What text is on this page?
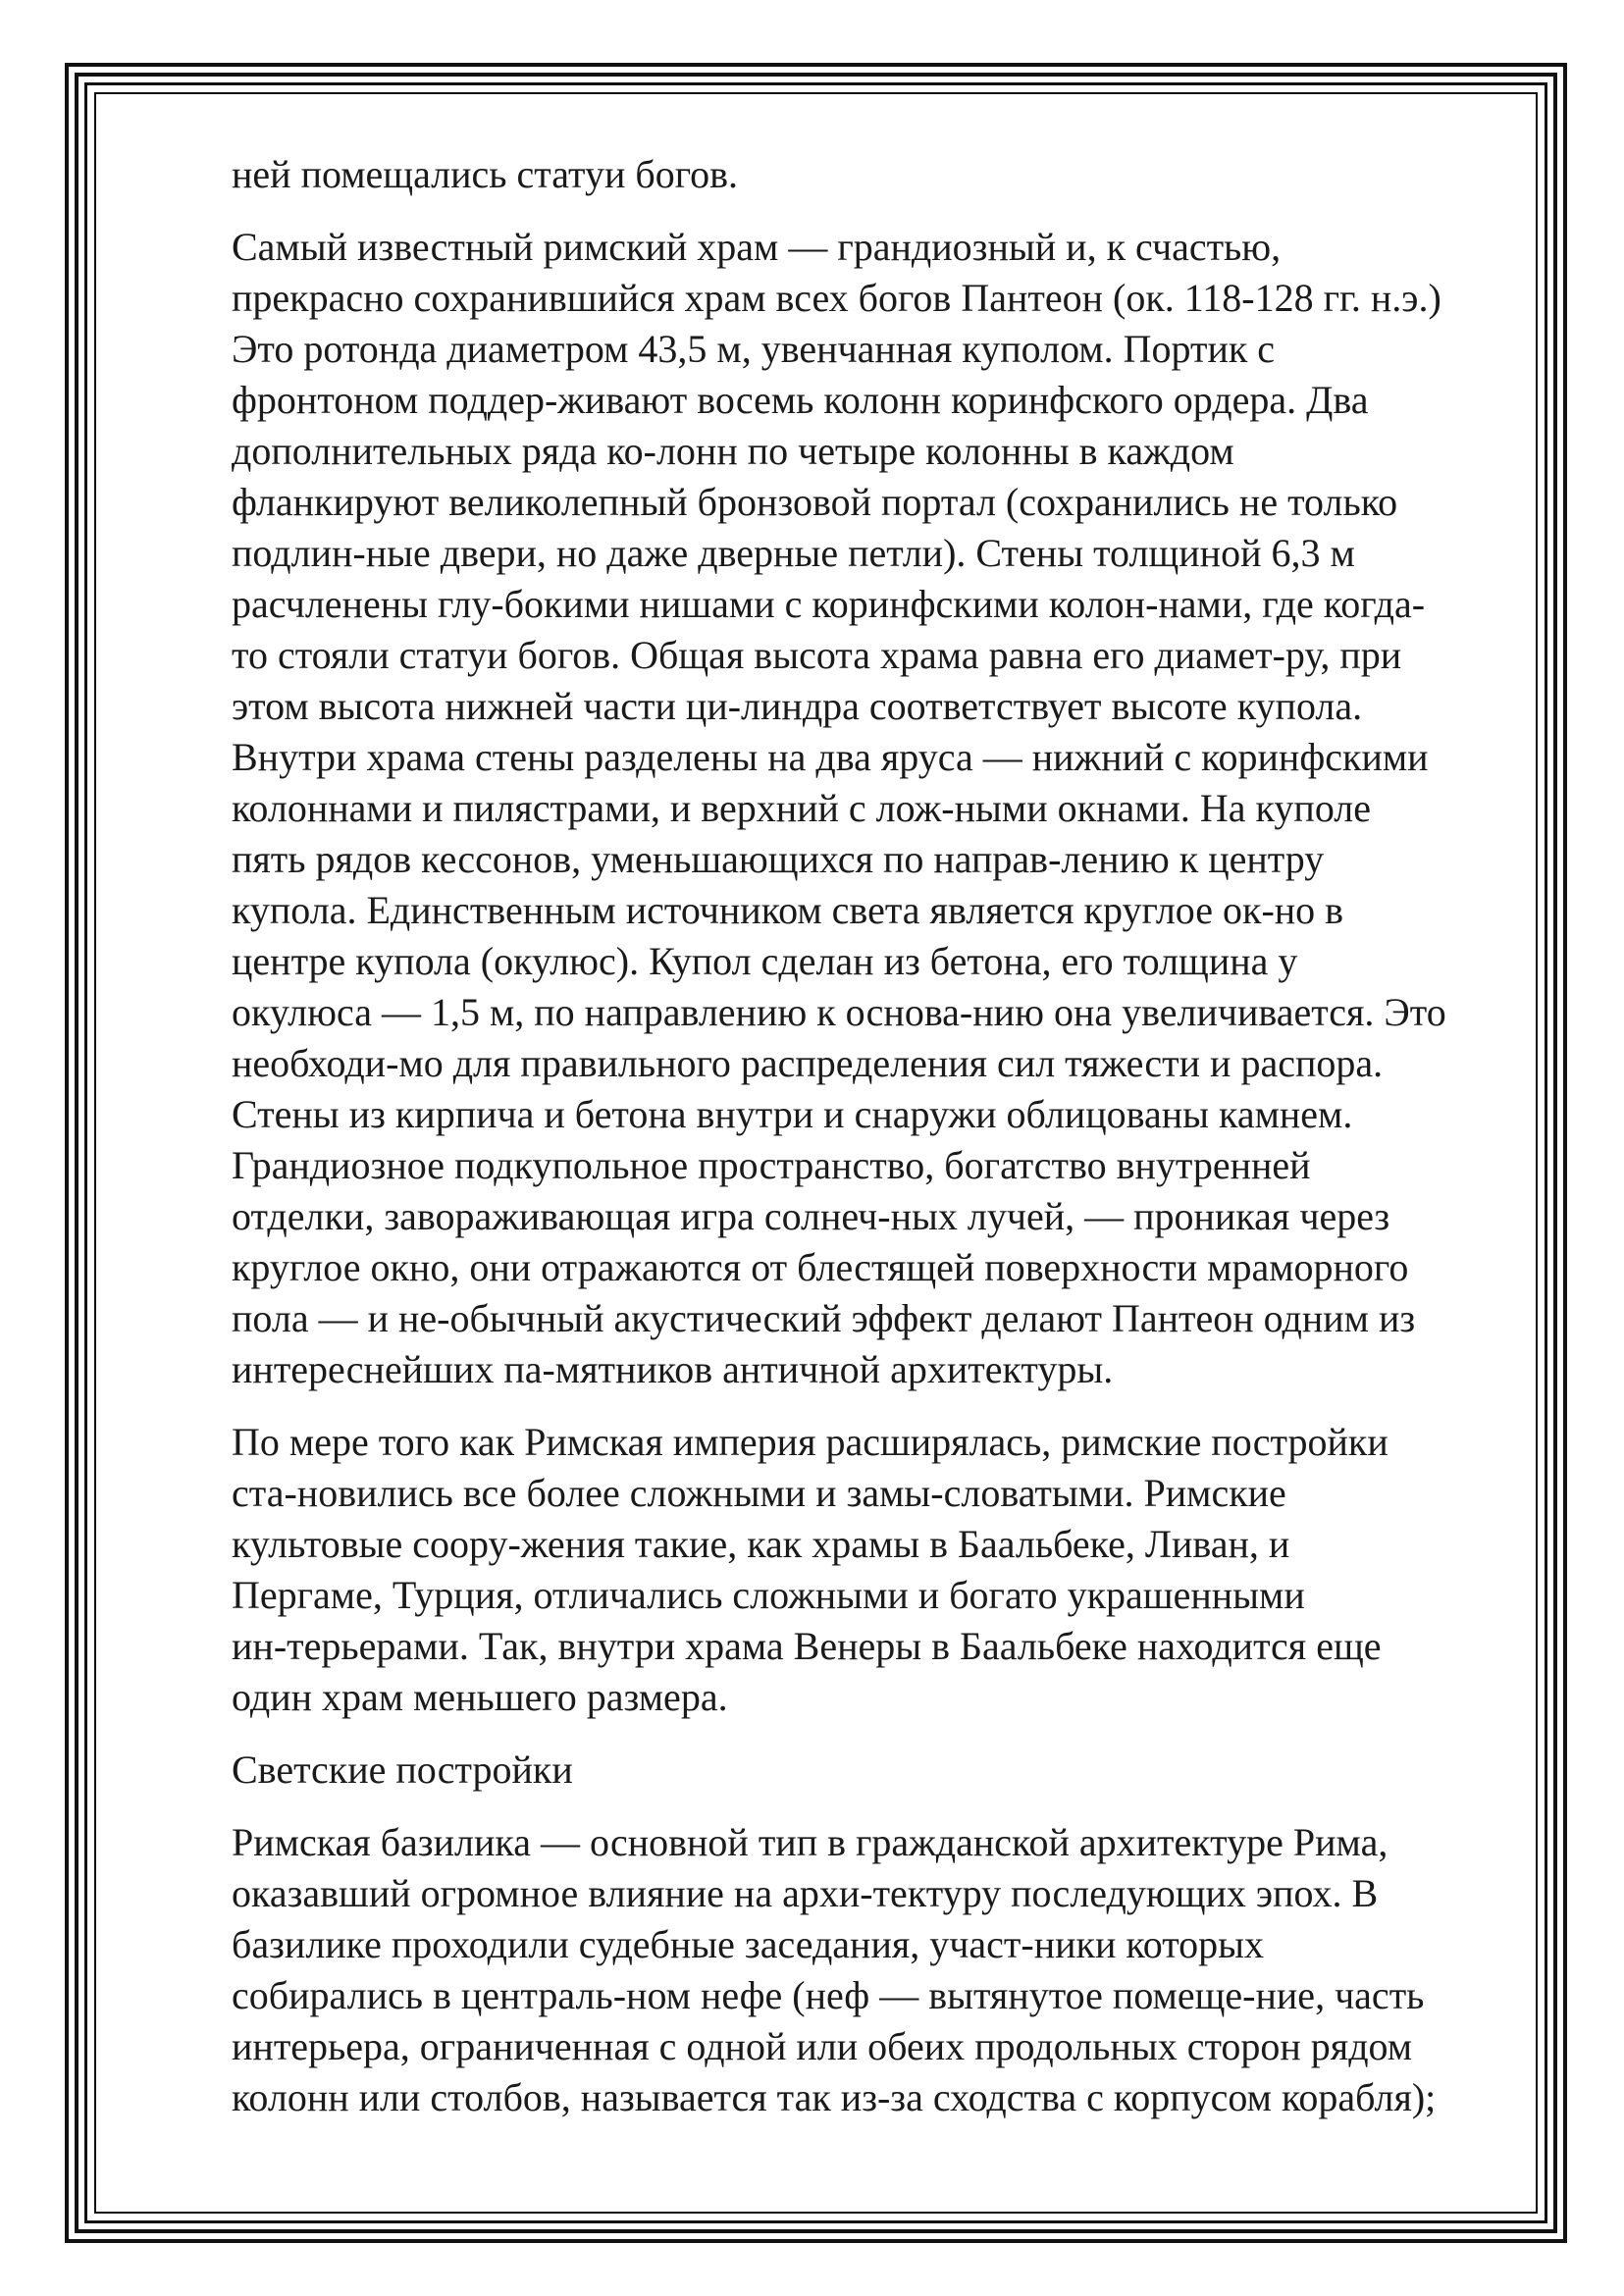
ней помещались статуи богов.

Самый известный римский храм — грандиозный и, к счастью,
прекрасно сохранившийся храм всех богов Пантеон (ок. 118-128 гг. н.э.)
Это ротонда диаметром 43,5 м, увенчанная куполом. Портик с
фронтоном поддер-живают восемь колонн коринфского ордера. Два
дополнительных ряда ко-лонн по четыре колонны в каждом
фланкируют великолепный бронзовой портал (сохранились не только
подлин-ные двери, но даже дверные петли). Стены толщиной 6,3 м
расчленены глу-бокими нишами с коринфскими колон-нами, где когда-
то стояли статуи богов. Общая высота храма равна его диамет-ру, при
этом высота нижней части ци-линдра соответствует высоте купола.
Внутри храма стены разделены на два яруса — нижний с коринфскими
колоннами и пилястрами, и верхний с лож-ными окнами. На куполе
пять рядов кессонов, уменьшающихся по направ-лению к центру
купола. Единственным источником света является круглое ок-но в
центре купола (окулюс). Купол сделан из бетона, его толщина у
окулюса — 1,5 м, по направлению к основа-нию она увеличивается. Это
необходи-мо для правильного распределения сил тяжести и распора.
Стены из кирпича и бетона внутри и снаружи облицованы камнем.
Грандиозное подкупольное пространство, богатство внутренней
отделки, завораживающая игра солнеч-ных лучей, — проникая через
круглое окно, они отражаются от блестящей поверхности мраморного
пола — и не-обычный акустический эффект делают Пантеон одним из
интереснейших па-мятников античной архитектуры.

По мере того как Римская империя расширялась, римские постройки
ста-новились все более сложными и замы-словатыми. Римские
культовые соору-жения такие, как храмы в Баальбеке, Ливан, и
Пергаме, Турция, отличались сложными и богато украшенными
ин-терьерами. Так, внутри храма Венеры в Баальбеке находится еще
один храм меньшего размера.

Светские постройки

Римская базилика — основной тип в гражданской архитектуре Рима,
оказавший огромное влияние на архи-тектуру последующих эпох. В
базилике проходили судебные заседания, участ-ники которых
собирались в централь-ном нефе (неф — вытянутое помеще-ние, часть
интерьера, ограниченная с одной или обеих продольных сторон рядом
колонн или столбов, называется так из-за сходства с корпусом корабля);
